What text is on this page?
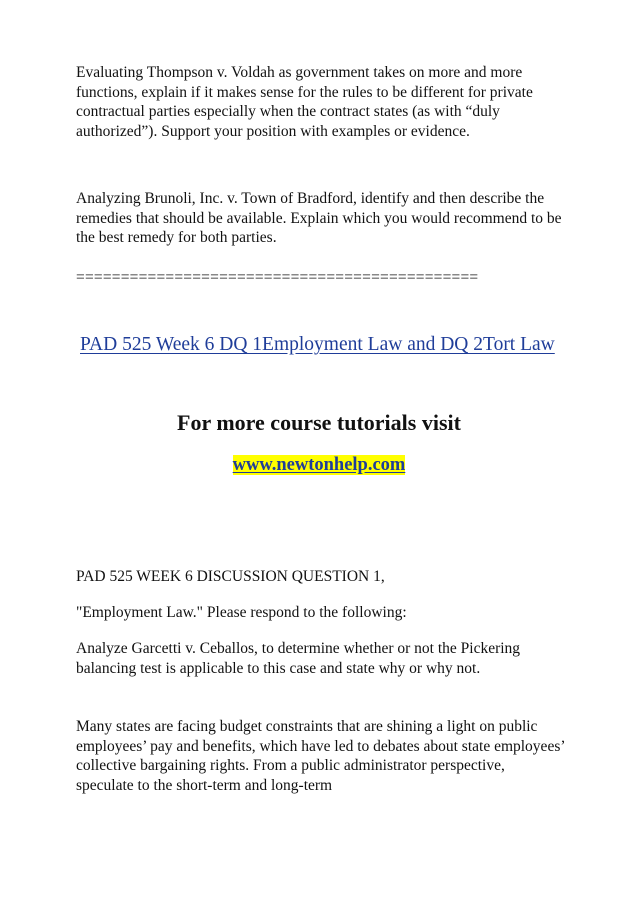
Evaluating Thompson v. Voldah as government takes on more and more functions, explain if it makes sense for the rules to be different for private contractual parties especially when the contract states (as with “duly authorized”). Support your position with examples or evidence.

Analyzing Brunoli, Inc. v. Town of Bradford, identify and then describe the remedies that should be available. Explain which you would recommend to be the best remedy for both parties.

=============================================
PAD 525 Week 6 DQ 1Employment Law and DQ 2Tort Law
For more course tutorials visit
www.newtonhelp.com

PAD 525 WEEK 6 DISCUSSION QUESTION 1,

"Employment Law." Please respond to the following:

Analyze Garcetti v. Ceballos, to determine whether or not the Pickering balancing test is applicable to this case and state why or why not.

Many states are facing budget constraints that are shining a light on public employees’ pay and benefits, which have led to debates about state employees’ collective bargaining rights. From a public administrator perspective, speculate to the short-term and long-term
